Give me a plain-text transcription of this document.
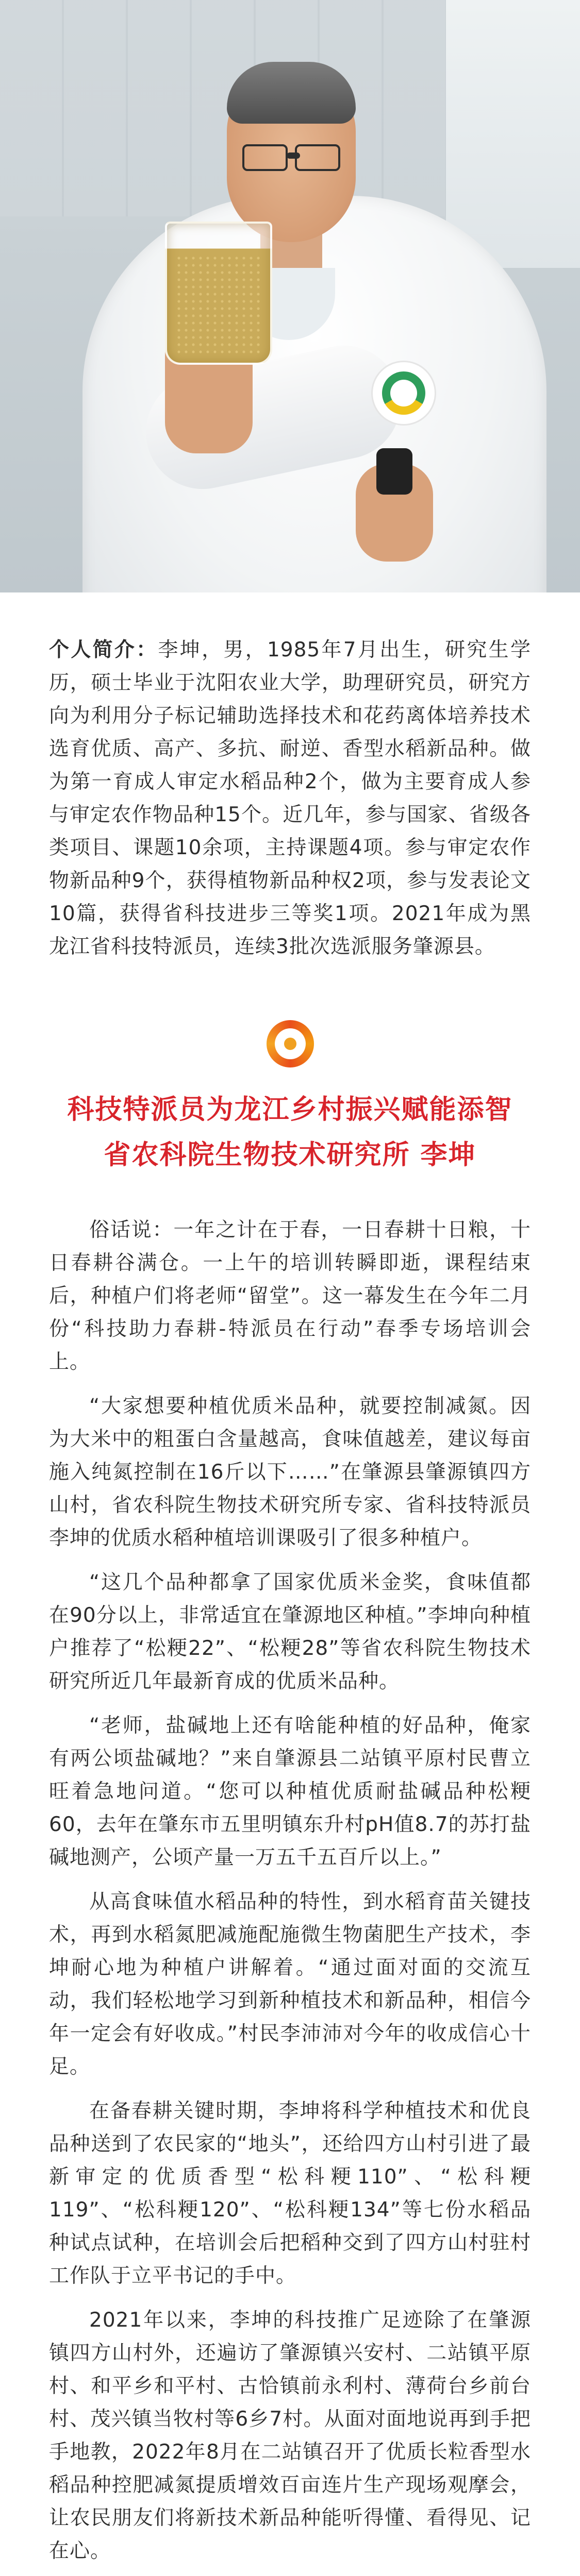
个人简介：李坤，男，1985年7月出生，研究生学历，硕士毕业于沈阳农业大学，助理研究员，研究方向为利用分子标记辅助选择技术和花药离体培养技术选育优质、高产、多抗、耐逆、香型水稻新品种。做为第一育成人审定水稻品种2个，做为主要育成人参与审定农作物品种15个。近几年，参与国家、省级各类项目、课题10余项，主持课题4项。参与审定农作物新品种9个，获得植物新品种权2项，参与发表论文10篇，获得省科技进步三等奖1项。2021年成为黑龙江省科技特派员，连续3批次选派服务肇源县。

科技特派员为龙江乡村振兴赋能添智
省农科院生物技术研究所 李坤

俗话说：一年之计在于春，一日春耕十日粮，十日春耕谷满仓。一上午的培训转瞬即逝，课程结束后，种植户们将老师“留堂”。这一幕发生在今年二月份“科技助力春耕-特派员在行动”春季专场培训会上。

“大家想要种植优质米品种，就要控制减氮。因为大米中的粗蛋白含量越高，食味值越差，建议每亩施入纯氮控制在16斤以下……”在肇源县肇源镇四方山村，省农科院生物技术研究所专家、省科技特派员李坤的优质水稻种植培训课吸引了很多种植户。

“这几个品种都拿了国家优质米金奖，食味值都在90分以上，非常适宜在肇源地区种植。”李坤向种植户推荐了“松粳22”、“松粳28”等省农科院生物技术研究所近几年最新育成的优质米品种。

“老师，盐碱地上还有啥能种植的好品种，俺家有两公顷盐碱地？”来自肇源县二站镇平原村民曹立旺着急地问道。“您可以种植优质耐盐碱品种松粳60，去年在肇东市五里明镇东升村pH值8.7的苏打盐碱地测产，公顷产量一万五千五百斤以上。”

从高食味值水稻品种的特性，到水稻育苗关键技术，再到水稻氮肥减施配施微生物菌肥生产技术，李坤耐心地为种植户讲解着。“通过面对面的交流互动，我们轻松地学习到新种植技术和新品种，相信今年一定会有好收成。”村民李沛沛对今年的收成信心十足。

在备春耕关键时期，李坤将科学种植技术和优良品种送到了农民家的“地头”，还给四方山村引进了最新审定的优质香型“松科粳110”、“松科粳119”、“松科粳120”、“松科粳134”等七份水稻品种试点试种，在培训会后把稻种交到了四方山村驻村工作队于立平书记的手中。

2021年以来，李坤的科技推广足迹除了在肇源镇四方山村外，还遍访了肇源镇兴安村、二站镇平原村、和平乡和平村、古恰镇前永利村、薄荷台乡前台村、茂兴镇当牧村等6乡7村。从面对面地说再到手把手地教，2022年8月在二站镇召开了优质长粒香型水稻品种控肥减氮提质增效百亩连片生产现场观摩会，让农民朋友们将新技术新品种能听得懂、看得见、记在心。
